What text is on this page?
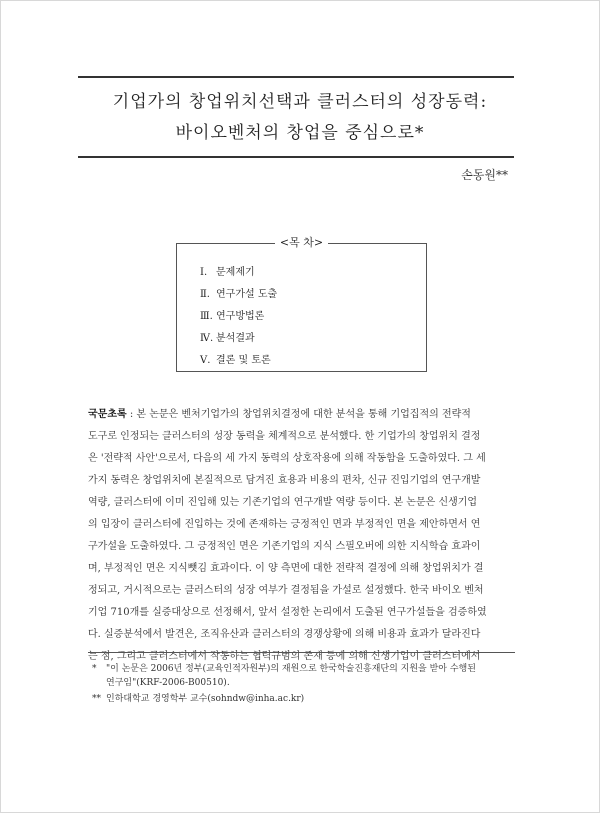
기업가의 창업위치선택과 클러스터의 성장동력:
바이오벤처의 창업을 중심으로*
손동원**
<목 차>
Ⅰ. 문제제기
Ⅱ. 연구가설 도출
Ⅲ. 연구방법론
Ⅳ. 분석결과
Ⅴ. 결론 및 토론
국문초록 : 본 논문은 벤처기업가의 창업위치결정에 대한 분석을 통해 기업집적의 전략적
도구로 인정되는 클러스터의 성장 동력을 체계적으로 분석했다. 한 기업가의 창업위치 결정
은 '전략적 사안'으로서, 다음의 세 가지 동력의 상호작용에 의해 작동함을 도출하였다. 그 세
가지 동력은 창업위치에 본질적으로 담겨진 효용과 비용의 편차, 신규 진입기업의 연구개발
역량, 클러스터에 이미 진입해 있는 기존기업의 연구개발 역량 등이다. 본 논문은 신생기업
의 입장이 클러스터에 진입하는 것에 존재하는 긍정적인 면과 부정적인 면을 제안하면서 연
구가설을 도출하였다. 그 긍정적인 면은 기존기업의 지식 스필오버에 의한 지식학습 효과이
며, 부정적인 면은 지식뺏김 효과이다. 이 양 측면에 대한 전략적 결정에 의해 창업위치가 결
정되고, 거시적으로는 클러스터의 성장 여부가 결정됨을 가설로 설정했다. 한국 바이오 벤처
기업 710개를 실증대상으로 선정해서, 앞서 설정한 논리에서 도출된 연구가설들을 검증하였
다. 실증분석에서 발견은, 조직유산과 클러스터의 경쟁상황에 의해 비용과 효과가 달라진다
는 점, 그리고 클러스터에서 작동하는 협력규범의 존재 등에 의해 신생기업이 클러스터에서
* "이 논문은 2006년 정부(교육인적자원부)의 재원으로 한국학술진흥재단의 지원을 받아 수행된
연구임"(KRF-2006-B00510).
** 인하대학교 경영학부 교수(sohndw@inha.ac.kr)
